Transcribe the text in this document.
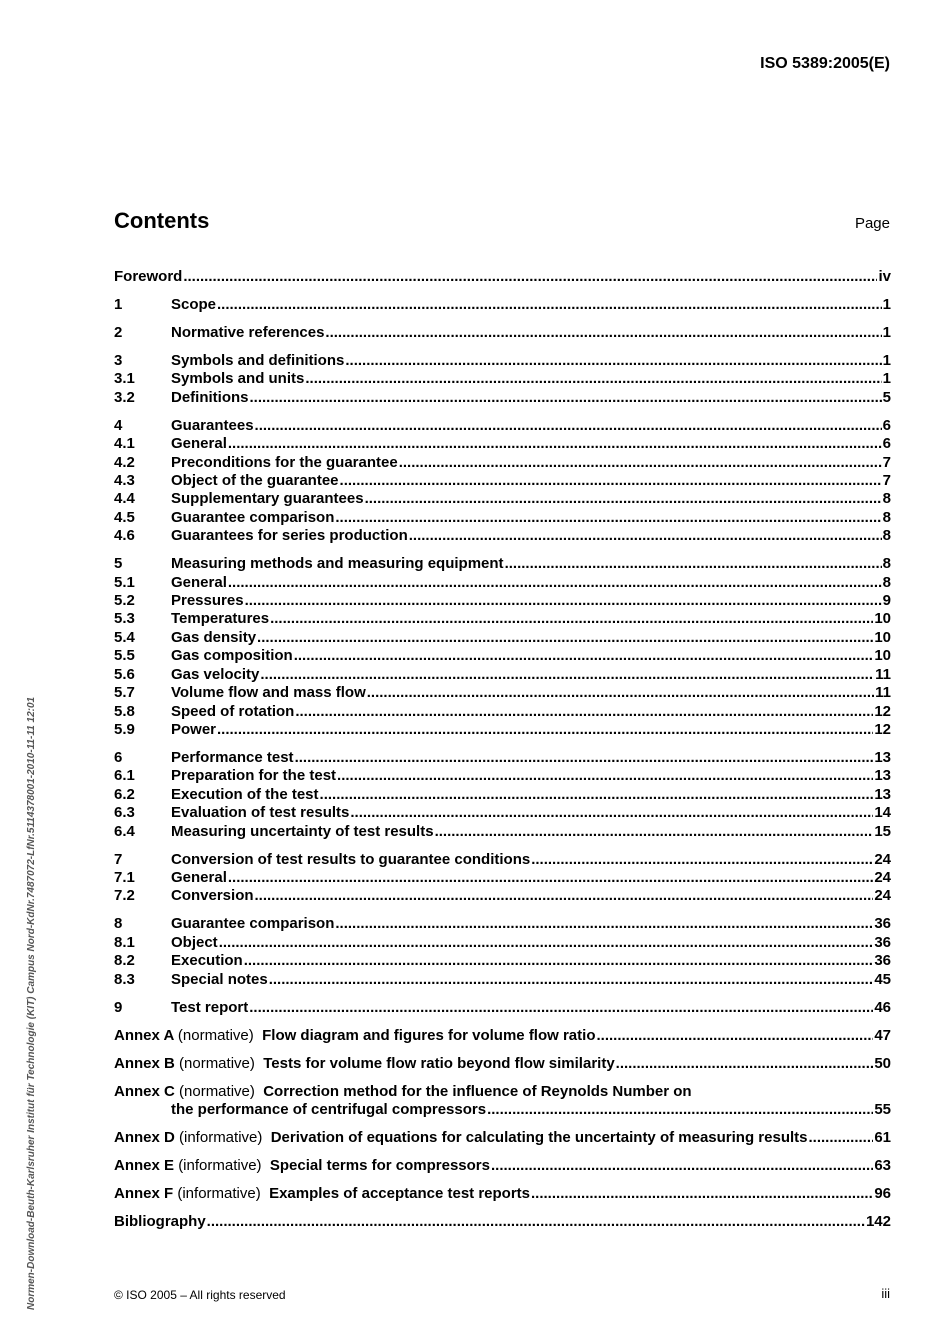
ISO 5389:2005(E)
Contents	Page
Normen-Download-Beuth-Karlsruher Institut für Technologie (KIT) Campus Nord-KdNr.7487072-LfNr.5114378001-2010-11-11 12:01
Foreword .....	iv
1	Scope .....	1
2	Normative references .....	1
3	Symbols and definitions .....	1
3.1	Symbols and units .....	1
3.2	Definitions .....	5
4	Guarantees .....	6
4.1	General .....	6
4.2	Preconditions for the guarantee .....	7
4.3	Object of the guarantee .....	7
4.4	Supplementary guarantees .....	8
4.5	Guarantee comparison .....	8
4.6	Guarantees for series production .....	8
5	Measuring methods and measuring equipment .....	8
5.1	General .....	8
5.2	Pressures .....	9
5.3	Temperatures .....	10
5.4	Gas density .....	10
5.5	Gas composition .....	10
5.6	Gas velocity .....	11
5.7	Volume flow and mass flow .....	11
5.8	Speed of rotation .....	12
5.9	Power .....	12
6	Performance test .....	13
6.1	Preparation for the test .....	13
6.2	Execution of the test .....	13
6.3	Evaluation of test results .....	14
6.4	Measuring uncertainty of test results .....	15
7	Conversion of test results to guarantee conditions .....	24
7.1	General .....	24
7.2	Conversion .....	24
8	Guarantee comparison .....	36
8.1	Object .....	36
8.2	Execution .....	36
8.3	Special notes .....	45
9	Test report .....	46
Annex A (normative) Flow diagram and figures for volume flow ratio .....	47
Annex B (normative) Tests for volume flow ratio beyond flow similarity .....	50
Annex C (normative) Correction method for the influence of Reynolds Number on
the performance of centrifugal compressors .....	55
Annex D (informative) Derivation of equations for calculating the uncertainty of measuring results .....	61
Annex E (informative) Special terms for compressors .....	63
Annex F (informative) Examples of acceptance test reports .....	96
Bibliography .....	142
© ISO 2005 – All rights reserved	iii
